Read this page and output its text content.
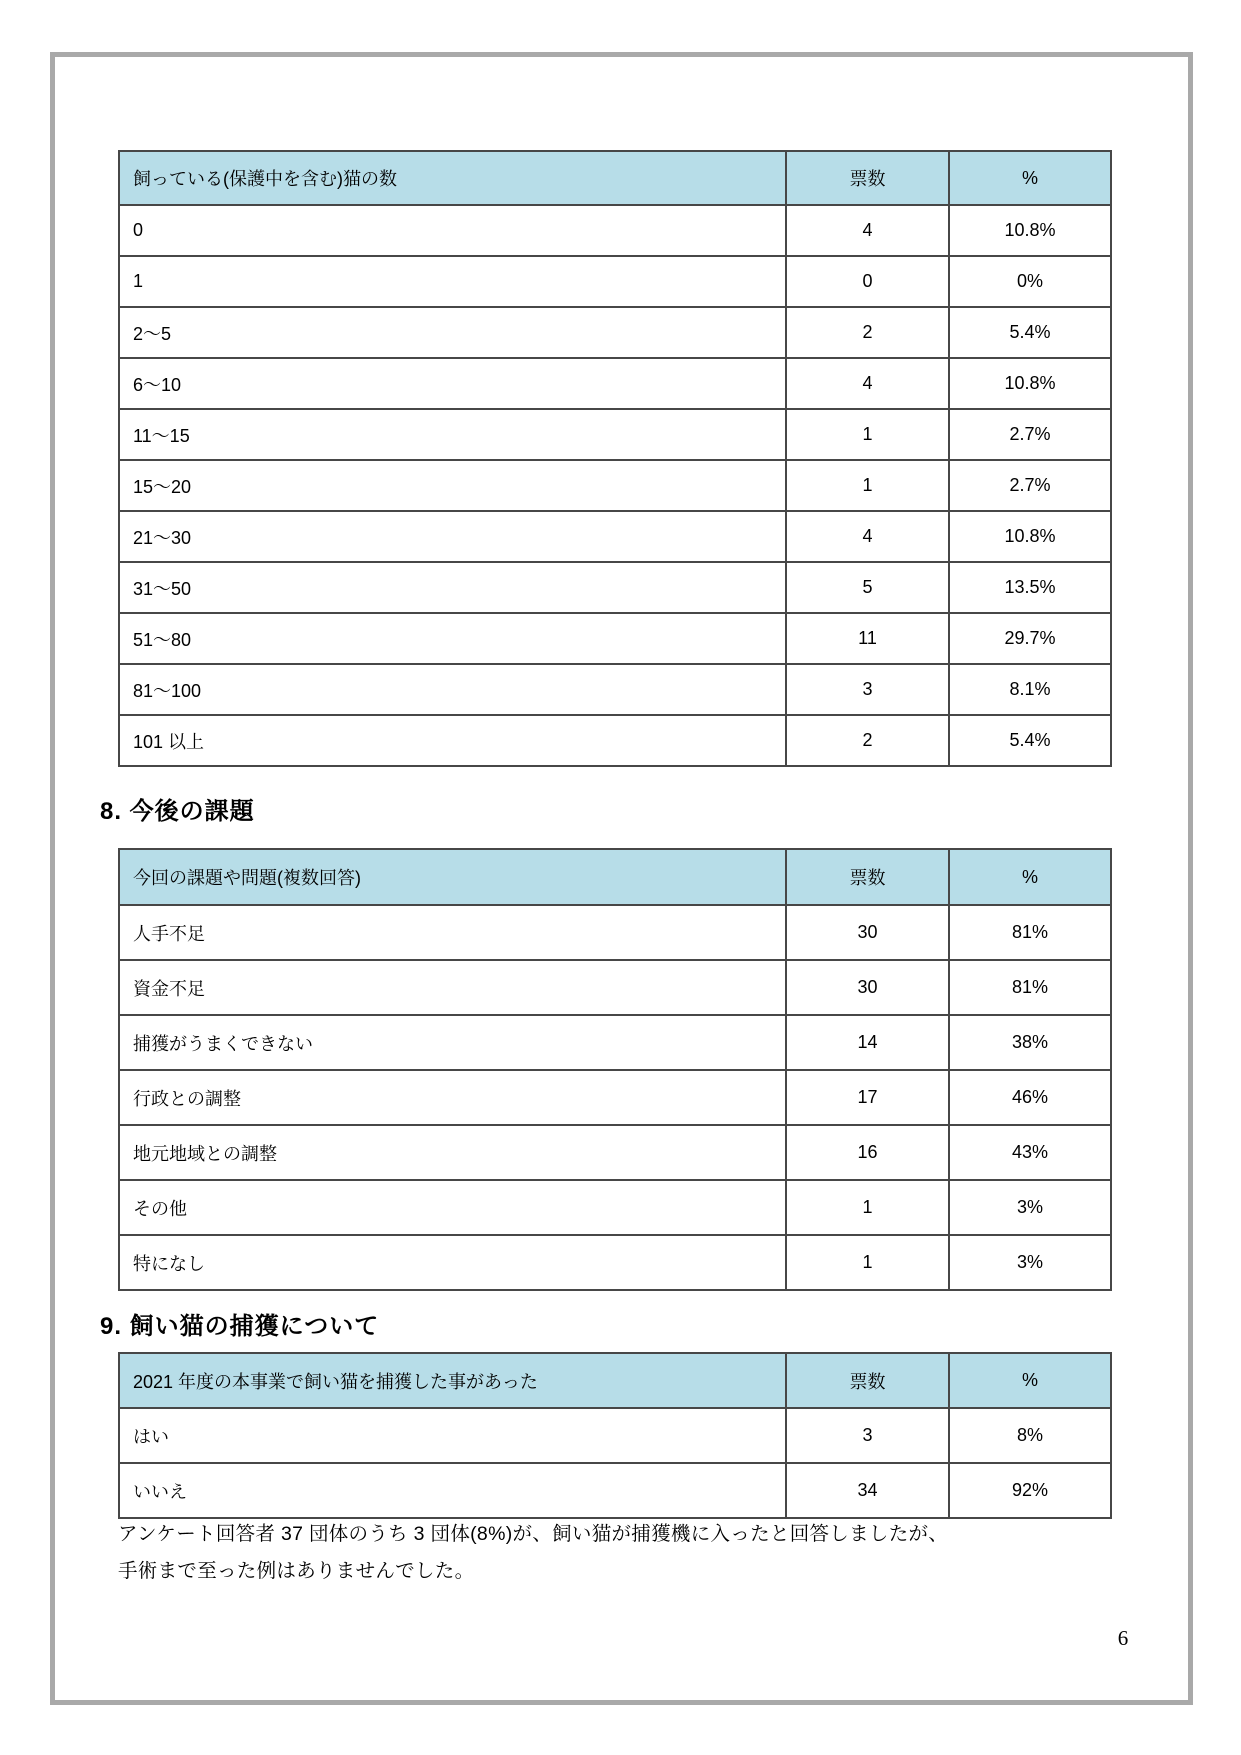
飼っている(保護中を含む)猫の数	票数	%
0	4	10.8%
1	0	0%
2〜5	2	5.4%
6〜10	4	10.8%
11〜15	1	2.7%
15〜20	1	2.7%
21〜30	4	10.8%
31〜50	5	13.5%
51〜80	11	29.7%
81〜100	3	8.1%
101 以上	2	5.4%
8. 今後の課題
今回の課題や問題(複数回答)	票数	%
人手不足	30	81%
資金不足	30	81%
捕獲がうまくできない	14	38%
行政との調整	17	46%
地元地域との調整	16	43%
その他	1	3%
特になし	1	3%
9. 飼い猫の捕獲について
2021 年度の本事業で飼い猫を捕獲した事があった	票数	%
はい	3	8%
いいえ	34	92%
アンケート回答者 37 団体のうち 3 団体(8%)が、飼い猫が捕獲機に入ったと回答しましたが、
手術まで至った例はありませんでした。
6
